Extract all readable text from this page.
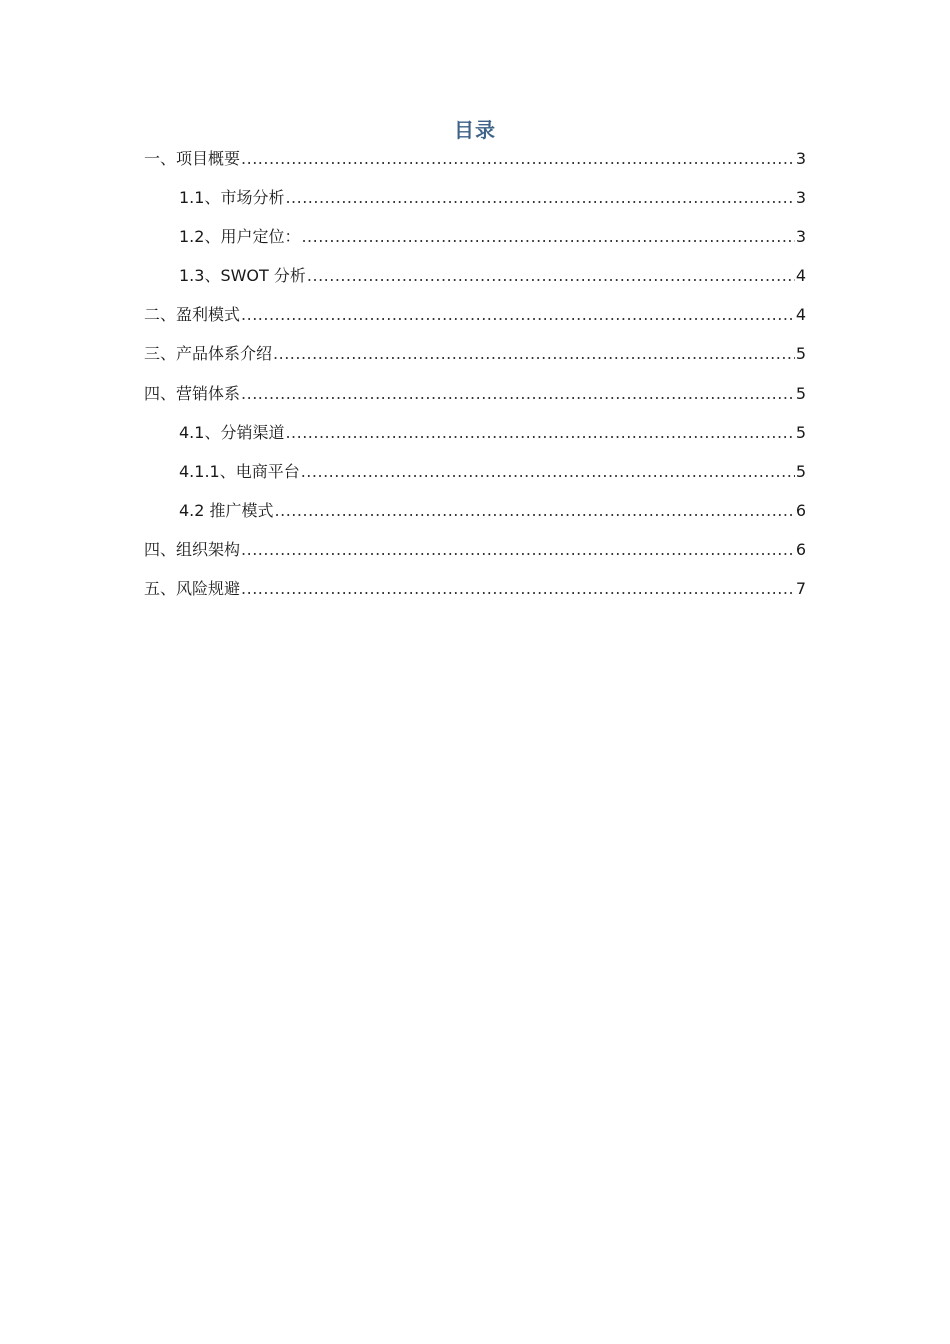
目录
一、项目概要 .....	3
1.1、市场分析 .....	3
1.2、用户定位： .....	3
1.3、SWOT 分析 .....	4
二、盈利模式 .....	4
三、产品体系介绍 .....	5
四、营销体系 .....	5
4.1、分销渠道 .....	5
4.1.1、电商平台 .....	5
4.2 推广模式 .....	6
四、组织架构 .....	6
五、风险规避 .....	7
